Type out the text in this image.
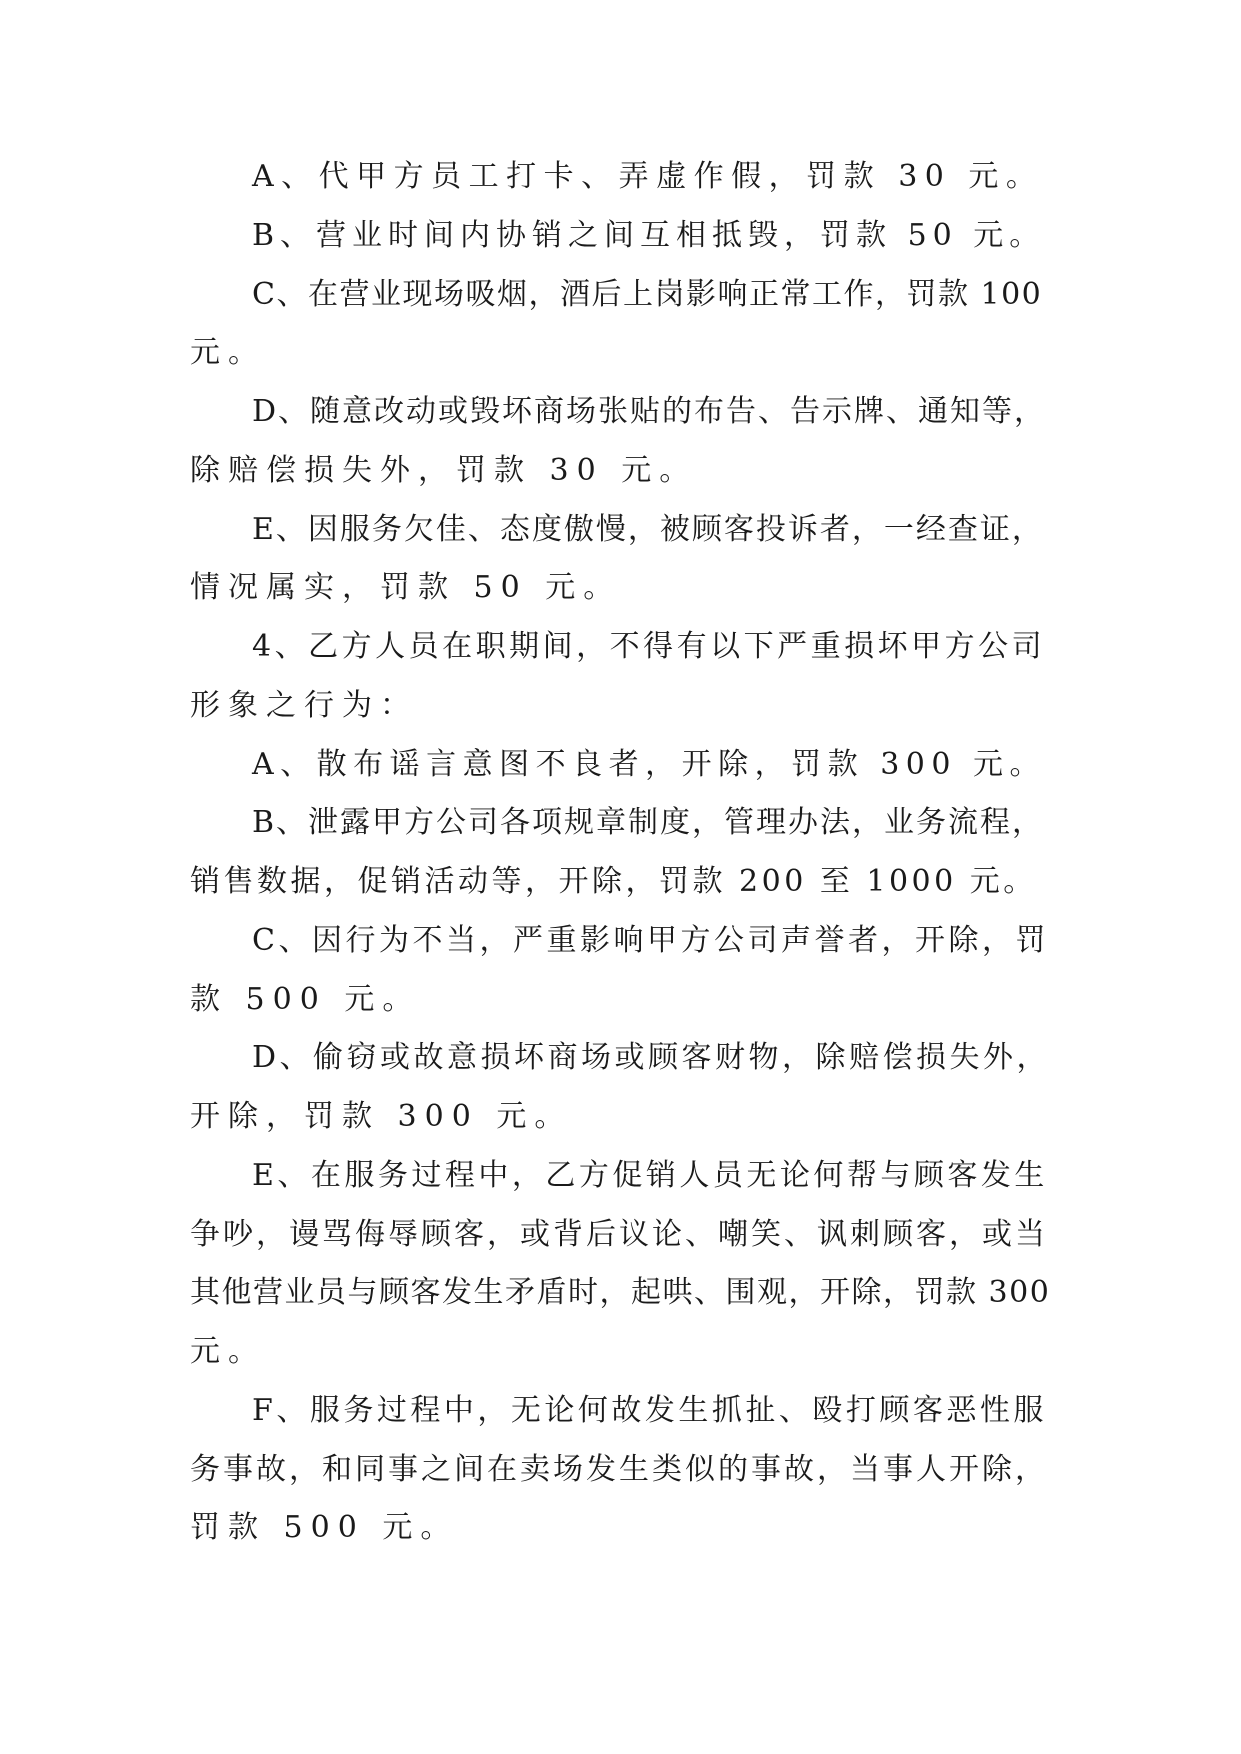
A、代甲方员工打卡、弄虚作假，罚款 30 元。
B、营业时间内协销之间互相抵毁，罚款 50 元。
C、在营业现场吸烟，酒后上岗影响正常工作，罚款 100
元。
D、随意改动或毁坏商场张贴的布告、告示牌、通知等，
除赔偿损失外，罚款 30 元。
E、因服务欠佳、态度傲慢，被顾客投诉者，一经查证，
情况属实，罚款 50 元。
4、乙方人员在职期间，不得有以下严重损坏甲方公司
形象之行为：
A、散布谣言意图不良者，开除，罚款 300 元。
B、泄露甲方公司各项规章制度，管理办法，业务流程，
销售数据，促销活动等，开除，罚款 200 至 1000 元。
C、因行为不当，严重影响甲方公司声誉者，开除，罚
款 500 元。
D、偷窃或故意损坏商场或顾客财物，除赔偿损失外，
开除，罚款 300 元。
E、在服务过程中，乙方促销人员无论何帮与顾客发生
争吵，谩骂侮辱顾客，或背后议论、嘲笑、讽刺顾客，或当
其他营业员与顾客发生矛盾时，起哄、围观，开除，罚款 300
元。
F、服务过程中，无论何故发生抓扯、殴打顾客恶性服
务事故，和同事之间在卖场发生类似的事故，当事人开除，
罚款 500 元。
